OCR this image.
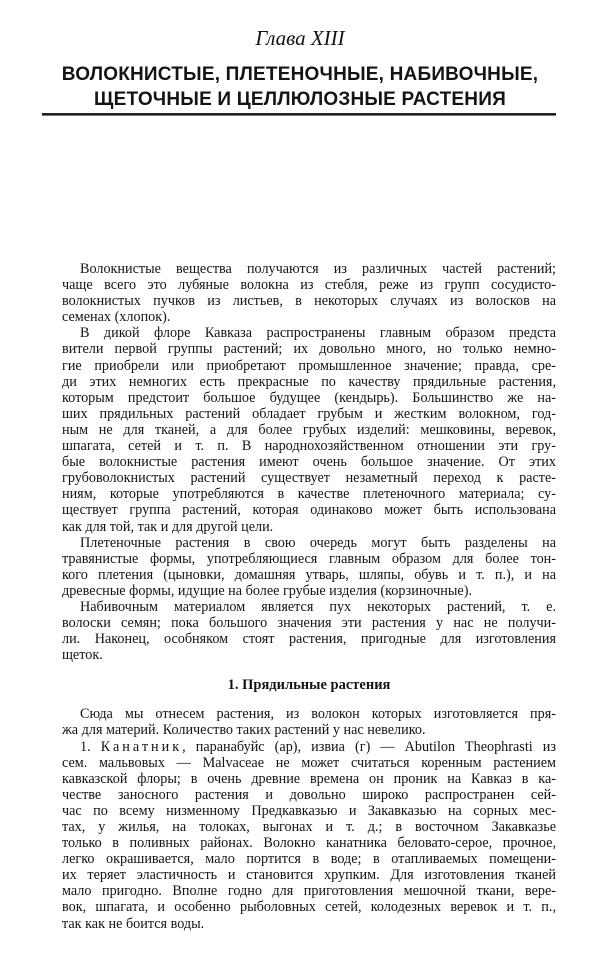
Глава XIII
ВОЛОКНИСТЫЕ, ПЛЕТЕНОЧНЫЕ, НАБИВОЧНЫЕ,
ЩЕТОЧНЫЕ И ЦЕЛЛЮЛОЗНЫЕ РАСТЕНИЯ
Волокнистые вещества получаются из различных частей растений;
чаще всего это лубяные волокна из стебля, реже из групп сосудисто-
волокнистых пучков из листьев, в некоторых случаях из волосков на
семенах (хлопок).
В дикой флоре Кавказа распространены главным образом предста
вители первой группы растений; их довольно много, но только немно-
гие приобрели или приобретают промышленное значение; правда, сре-
ди этих немногих есть прекрасные по качеству прядильные растения,
которым предстоит большое будущее (кендырь). Большинство же на-
ших прядильных растений обладает грубым и жестким волокном, год-
ным не для тканей, а для более грубых изделий: мешковины, веревок,
шпагата, сетей и т. п. В народнохозяйственном отношении эти гру-
бые волокнистые растения имеют очень большое значение. От этих
грубоволокнистых растений существует незаметный переход к расте-
ниям, которые употребляются в качестве плетеночного материала; су-
ществует группа растений, которая одинаково может быть использована
как для той, так и для другой цели.
Плетеночные растения в свою очередь могут быть разделены на
травянистые формы, употребляющиеся главным образом для более тон-
кого плетения (цыновки, домашняя утварь, шляпы, обувь и т. п.), и на
древесные формы, идущие на более грубые изделия (корзиночные).
Набивочным материалом является пух некоторых растений, т. е.
волоски семян; пока большого значения эти растения у нас не получи-
ли. Наконец, особняком стоят растения, пригодные для изготовления
щеток.
1. Прядильные растения
Сюда мы отнесем растения, из волокон которых изготовляется пря-
жа для материй. Количество таких растений у нас невелико.
1. Канатник, паранабуйс (ар), извиа (г) — Abutilon Theophrasti из
сем. мальвовых — Malvaceae не может считаться коренным растением
кавказской флоры; в очень древние времена он проник на Кавказ в ка-
честве заносного растения и довольно широко распространен сей-
час по всему низменному Предкавказью и Закавказью на сорных мес-
тах, у жилья, на толоках, выгонах и т. д.; в восточном Закавказье
только в поливных районах. Волокно канатника беловато-серое, прочное,
легко окрашивается, мало портится в воде; в отапливаемых помещени-
их теряет эластичность и становится хрупким. Для изготовления тканей
мало пригодно. Вполне годно для приготовления мешочной ткани, вере-
вок, шпагата, и особенно рыболовных сетей, колодезных веревок и т. п.,
так как не боится воды.
